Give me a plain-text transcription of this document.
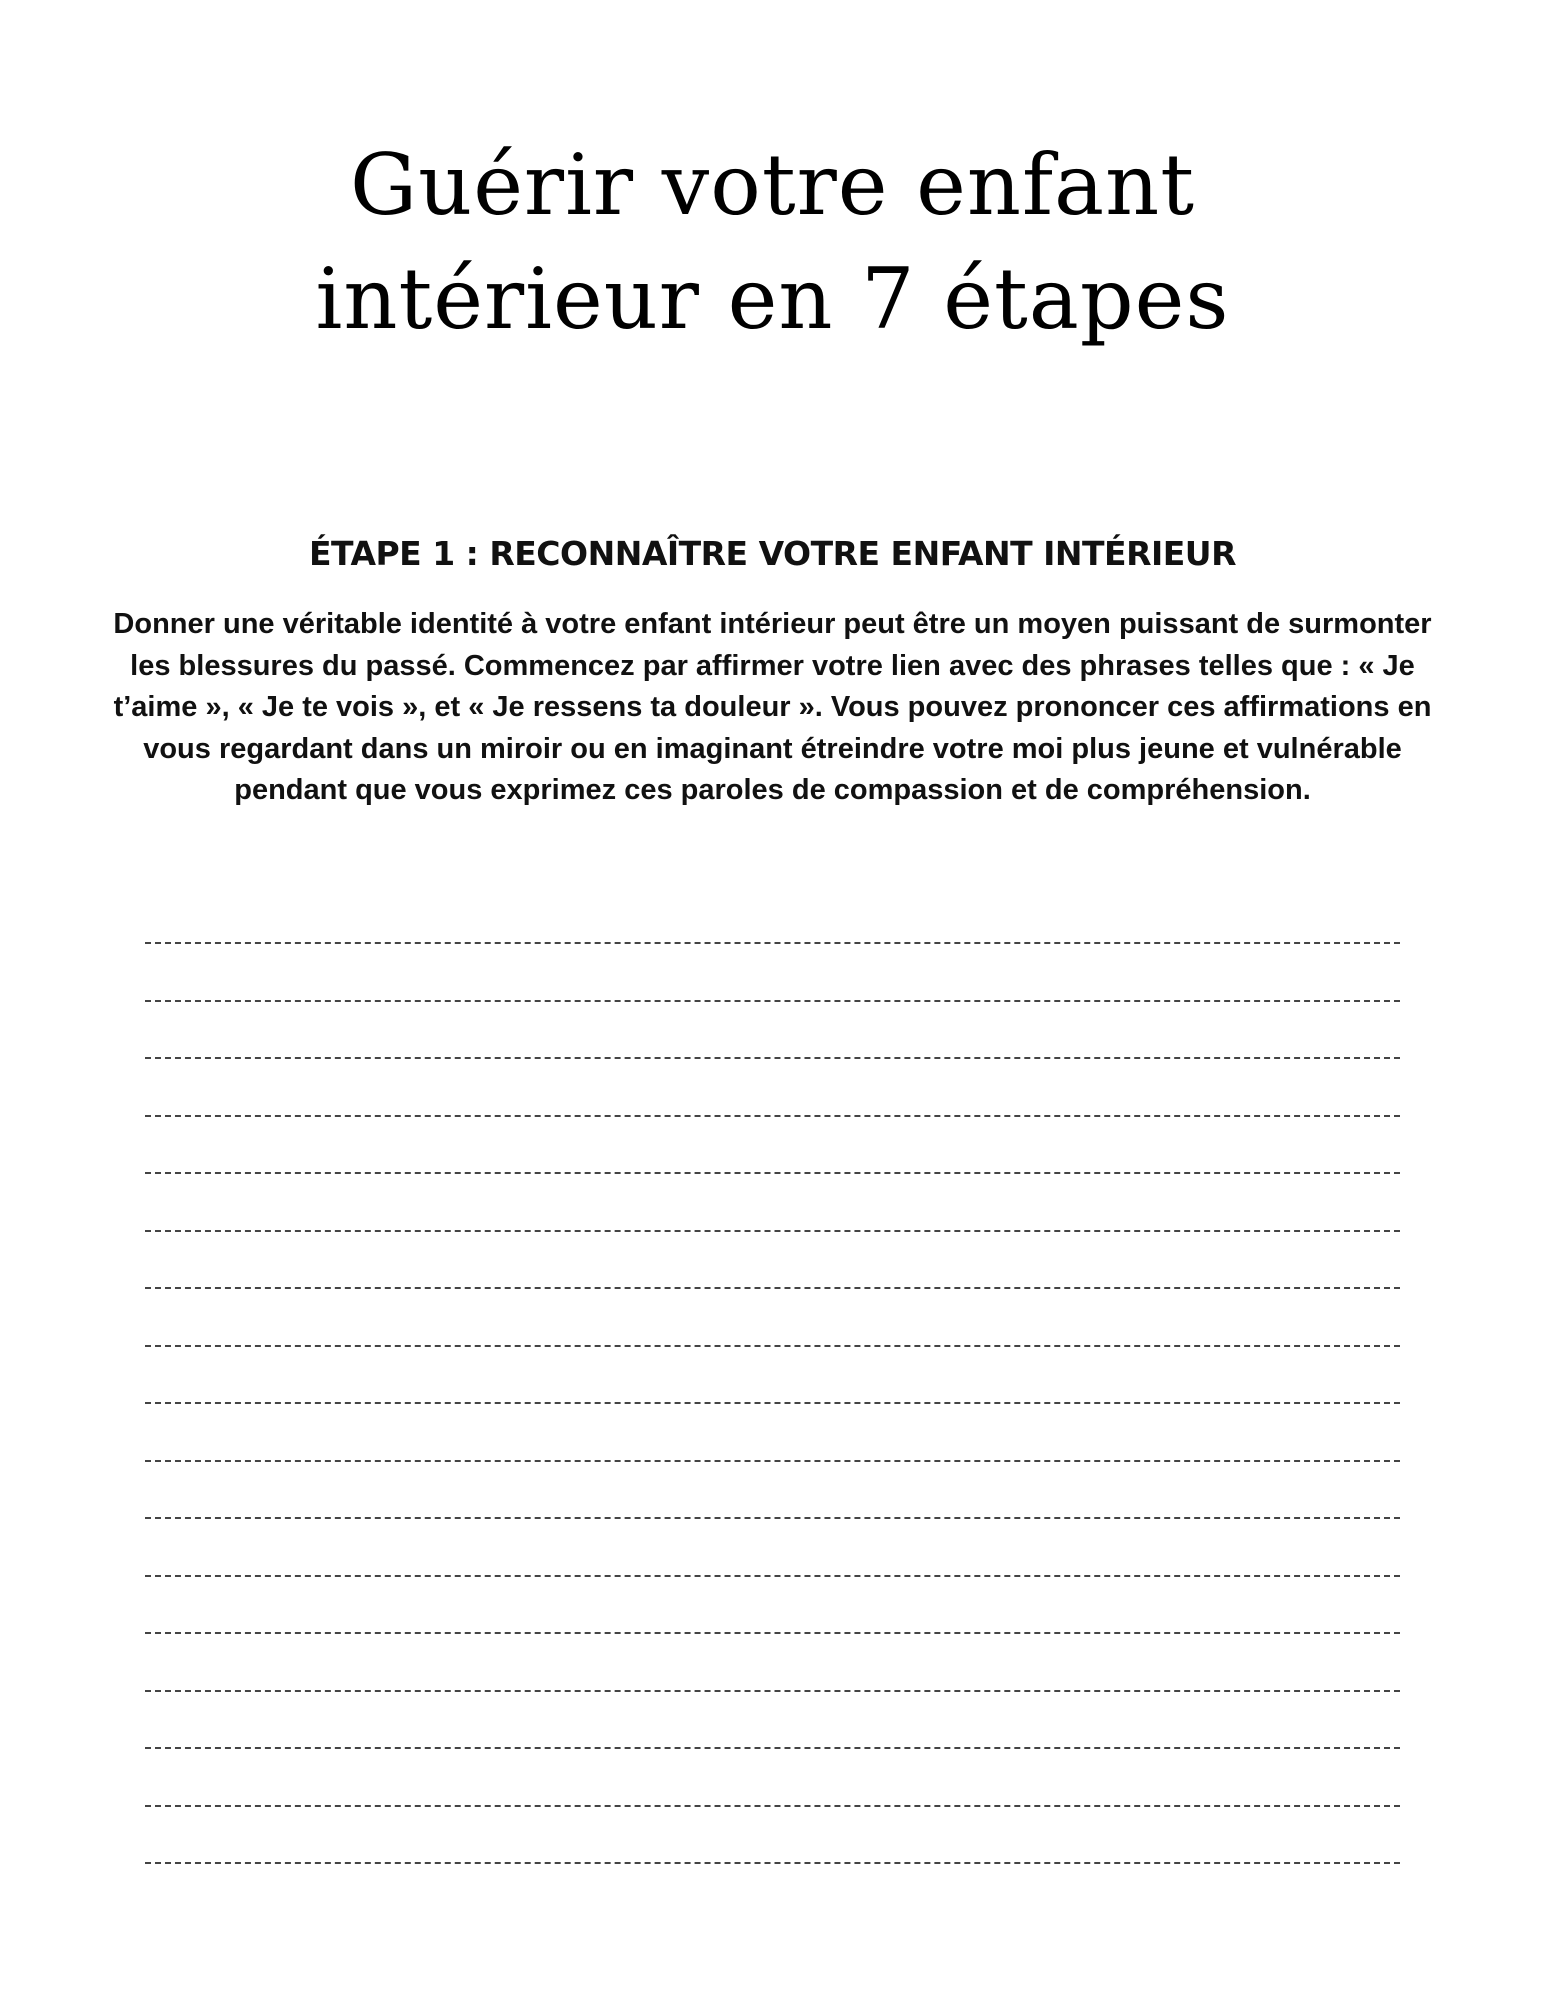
Guérir votre enfant
intérieur en 7 étapes
ÉTAPE 1 : RECONNAÎTRE VOTRE ENFANT INTÉRIEUR

Donner une véritable identité à votre enfant intérieur peut être un moyen puissant de surmonter les blessures du passé. Commencez par affirmer votre lien avec des phrases telles que : « Je t’aime », « Je te vois », et « Je ressens ta douleur ». Vous pouvez prononcer ces affirmations en vous regardant dans un miroir ou en imaginant étreindre votre moi plus jeune et vulnérable pendant que vous exprimez ces paroles de compassion et de compréhension.
